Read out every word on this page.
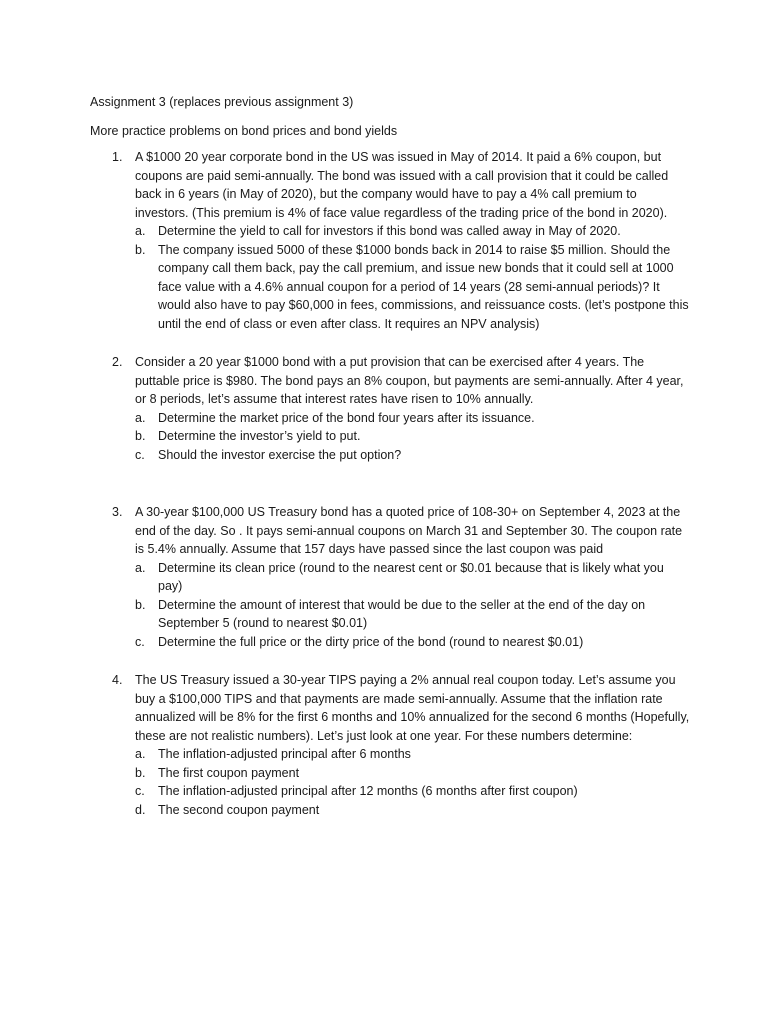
Assignment 3 (replaces previous assignment 3)

More practice problems on bond prices and bond yields

1. A $1000 20 year corporate bond in the US was issued in May of 2014. It paid a 6% coupon, but coupons are paid semi-annually. The bond was issued with a call provision that it could be called back in 6 years (in May of 2020), but the company would have to pay a 4% call premium to investors. (This premium is 4% of face value regardless of the trading price of the bond in 2020).

a. Determine the yield to call for investors if this bond was called away in May of 2020.
b. The company issued 5000 of these $1000 bonds back in 2014 to raise $5 million. Should the company call them back, pay the call premium, and issue new bonds that it could sell at 1000 face value with a 4.6% annual coupon for a period of 14 years (28 semi-annual periods)? It would also have to pay $60,000 in fees, commissions, and reissuance costs. (let’s postpone this until the end of class or even after class. It requires an NPV analysis)
2. Consider a 20 year $1000 bond with a put provision that can be exercised after 4 years. The puttable price is $980. The bond pays an 8% coupon, but payments are semi-annually. After 4 year, or 8 periods, let’s assume that interest rates have risen to 10% annually.

a. Determine the market price of the bond four years after its issuance.
b. Determine the investor’s yield to put.
c. Should the investor exercise the put option?
3. A 30-year $100,000 US Treasury bond has a quoted price of 108-30+ on September 4, 2023 at the end of the day. So . It pays semi-annual coupons on March 31 and September 30. The coupon rate is 5.4% annually. Assume that 157 days have passed since the last coupon was paid

a. Determine its clean price (round to the nearest cent or $0.01 because that is likely what you pay)
b. Determine the amount of interest that would be due to the seller at the end of the day on September 5 (round to nearest $0.01)
c. Determine the full price or the dirty price of the bond (round to nearest $0.01)
4. The US Treasury issued a 30-year TIPS paying a 2% annual real coupon today. Let’s assume you buy a $100,000 TIPS and that payments are made semi-annually. Assume that the inflation rate annualized will be 8% for the first 6 months and 10% annualized for the second 6 months (Hopefully, these are not realistic numbers). Let’s just look at one year. For these numbers determine:

a. The inflation-adjusted principal after 6 months
b. The first coupon payment
c. The inflation-adjusted principal after 12 months (6 months after first coupon)
d. The second coupon payment
